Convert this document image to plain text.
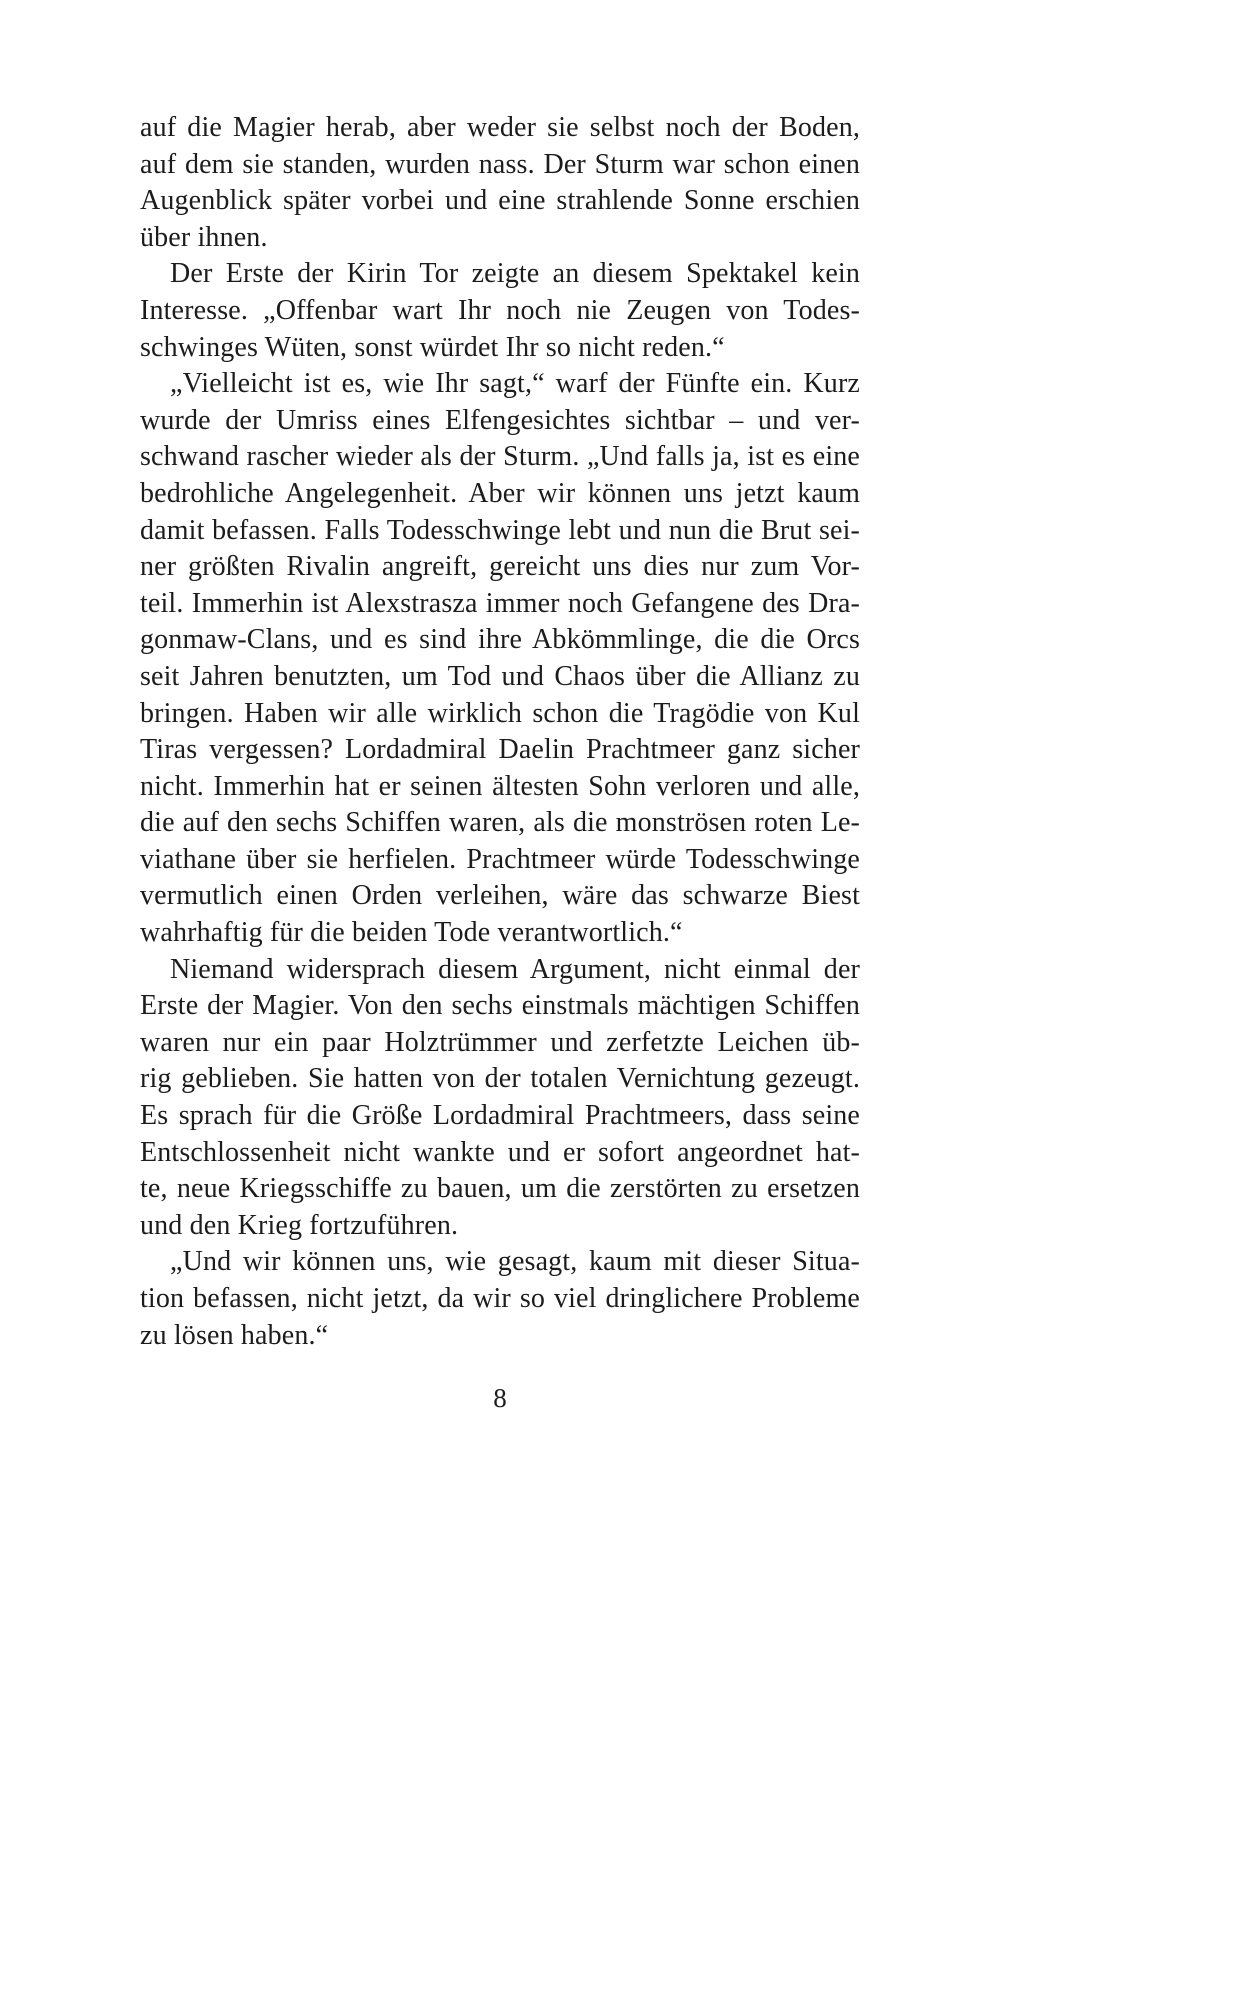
auf die Magier herab, aber weder sie selbst noch der Boden,
auf dem sie standen, wurden nass. Der Sturm war schon einen
Augenblick später vorbei und eine strahlende Sonne erschien
über ihnen.

Der Erste der Kirin Tor zeigte an diesem Spektakel kein
Interesse. „Offenbar wart Ihr noch nie Zeugen von Todes-
schwinges Wüten, sonst würdet Ihr so nicht reden.“

„Vielleicht ist es, wie Ihr sagt,“ warf der Fünfte ein. Kurz
wurde der Umriss eines Elfengesichtes sichtbar – und ver-
schwand rascher wieder als der Sturm. „Und falls ja, ist es eine
bedrohliche Angelegenheit. Aber wir können uns jetzt kaum
damit befassen. Falls Todesschwinge lebt und nun die Brut sei-
ner größten Rivalin angreift, gereicht uns dies nur zum Vor-
teil. Immerhin ist Alexstrasza immer noch Gefangene des Dra-
gonmaw-Clans, und es sind ihre Abkömmlinge, die die Orcs
seit Jahren benutzten, um Tod und Chaos über die Allianz zu
bringen. Haben wir alle wirklich schon die Tragödie von Kul
Tiras vergessen? Lordadmiral Daelin Prachtmeer ganz sicher
nicht. Immerhin hat er seinen ältesten Sohn verloren und alle,
die auf den sechs Schiffen waren, als die monströsen roten Le-
viathane über sie herfielen. Prachtmeer würde Todesschwinge
vermutlich einen Orden verleihen, wäre das schwarze Biest
wahrhaftig für die beiden Tode verantwortlich.“

Niemand widersprach diesem Argument, nicht einmal der
Erste der Magier. Von den sechs einstmals mächtigen Schiffen
waren nur ein paar Holztrümmer und zerfetzte Leichen üb-
rig geblieben. Sie hatten von der totalen Vernichtung gezeugt.
Es sprach für die Größe Lordadmiral Prachtmeers, dass seine
Entschlossenheit nicht wankte und er sofort angeordnet hat-
te, neue Kriegsschiffe zu bauen, um die zerstörten zu ersetzen
und den Krieg fortzuführen.

„Und wir können uns, wie gesagt, kaum mit dieser Situa-
tion befassen, nicht jetzt, da wir so viel dringlichere Probleme
zu lösen haben.“

8
